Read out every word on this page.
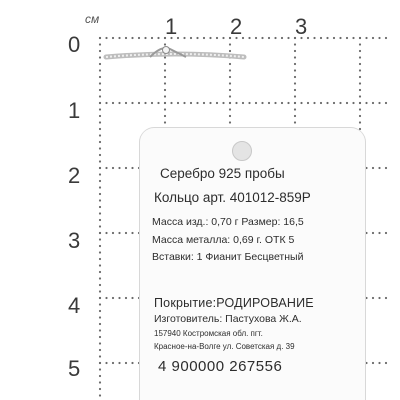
см
0
1 2 3
1
2
3
4
5
Серебро 925 пробы
Кольцо арт. 401012-859Р
Масса изд.: 0,70 г Размер: 16,5
Масса металла: 0,69 г. ОТК 5
Вставки: 1 Фианит Бесцветный
Покрытие:РОДИРОВАНИЕ
Изготовитель: Пастухова Ж.А.
157940 Костромская обл. пгт.
Красное-на-Волге ул. Советская д. 39
4 900000 267556
